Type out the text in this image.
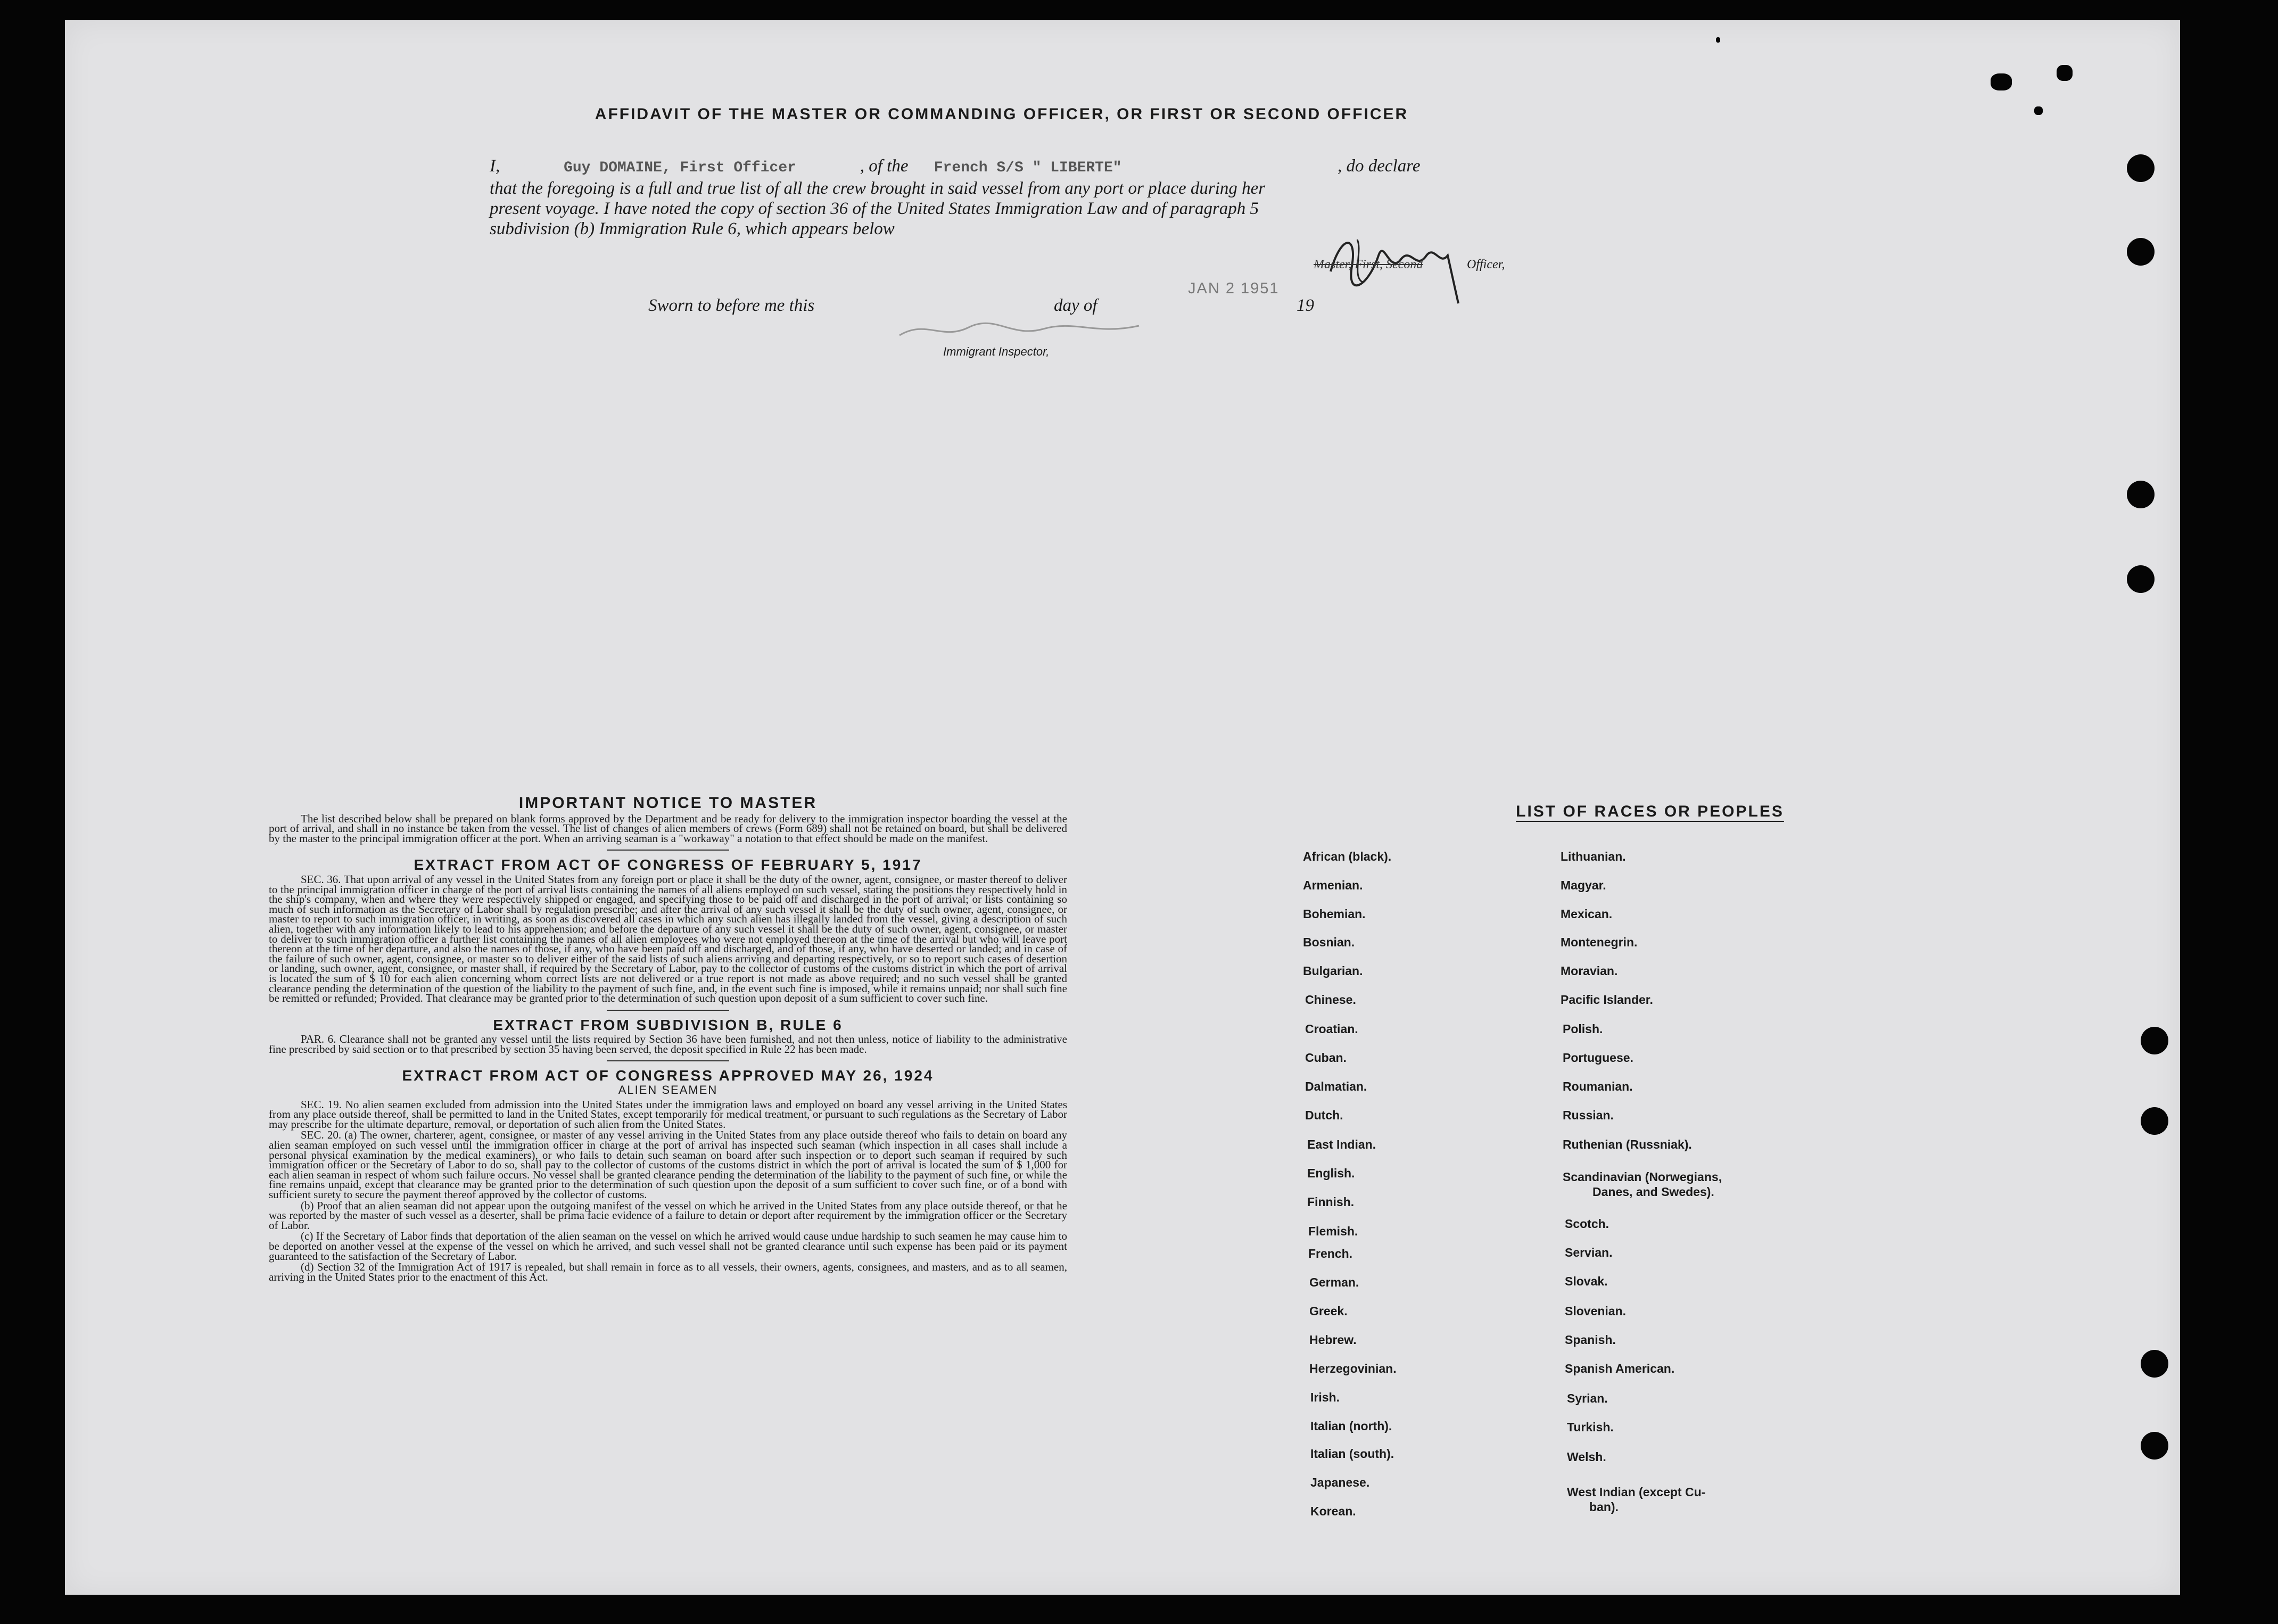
AFFIDAVIT OF THE MASTER OR COMMANDING OFFICER, OR FIRST OR SECOND OFFICER
I,	Guy DOMAINE, First Officer	, of the French S/S " LIBERTE"	, do declare
that the foregoing is a full and true list of all the crew brought in said vessel from any port or place during her
present voyage. I have noted the copy of section 36 of the United States Immigration Law and of paragraph 5
subdivision (b) Immigration Rule 6, which appears below
Master, First, Second	Officer,
Sworn to before me this	day of
JAN 2 1951
19
Immigrant Inspector,
IMPORTANT NOTICE TO MASTER

The list described below shall be prepared on blank forms approved by the Department and be ready for delivery to the immigration inspector boarding the vessel at the port of arrival, and shall in no instance be taken from the vessel. The list of changes of alien members of crews (Form 689) shall not be retained on board, but shall be delivered by the master to the principal immigration officer at the port. When an arriving seaman is a "workaway" a notation to that effect should be made on the manifest.

EXTRACT FROM ACT OF CONGRESS OF FEBRUARY 5, 1917

SEC. 36. That upon arrival of any vessel in the United States from any foreign port or place it shall be the duty of the owner, agent, consignee, or master thereof to deliver to the principal immigration officer in charge of the port of arrival lists containing the names of all aliens employed on such vessel, stating the positions they respectively hold in the ship's company, when and where they were respectively shipped or engaged, and specifying those to be paid off and discharged in the port of arrival; or lists containing so much of such information as the Secretary of Labor shall by regulation prescribe; and after the arrival of any such vessel it shall be the duty of such owner, agent, consignee, or master to report to such immigration officer, in writing, as soon as discovered all cases in which any such alien has illegally landed from the vessel, giving a description of such alien, together with any information likely to lead to his apprehension; and before the departure of any such vessel it shall be the duty of such owner, agent, consignee, or master to deliver to such immigration officer a further list containing the names of all alien employees who were not employed thereon at the time of the arrival but who will leave port thereon at the time of her departure, and also the names of those, if any, who have been paid off and discharged, and of those, if any, who have deserted or landed; and in case of the failure of such owner, agent, consignee, or master so to deliver either of the said lists of such aliens arriving and departing respectively, or so to report such cases of desertion or landing, such owner, agent, consignee, or master shall, if required by the Secretary of Labor, pay to the collector of customs of the customs district in which the port of arrival is located the sum of $ 10 for each alien concerning whom correct lists are not delivered or a true report is not made as above required; and no such vessel shall be granted clearance pending the determination of the question of the liability to the payment of such fine, and, in the event such fine is imposed, while it remains unpaid; nor shall such fine be remitted or refunded; Provided. That clearance may be granted prior to the determination of such question upon deposit of a sum sufficient to cover such fine.

EXTRACT FROM SUBDIVISION B, RULE 6

PAR. 6. Clearance shall not be granted any vessel until the lists required by Section 36 have been furnished, and not then unless, notice of liability to the administrative fine prescribed by said section or to that prescribed by section 35 having been served, the deposit specified in Rule 22 has been made.

EXTRACT FROM ACT OF CONGRESS APPROVED MAY 26, 1924
ALIEN SEAMEN

SEC. 19. No alien seamen excluded from admission into the United States under the immigration laws and employed on board any vessel arriving in the United States from any place outside thereof, shall be permitted to land in the United States, except temporarily for medical treatment, or pursuant to such regulations as the Secretary of Labor may prescribe for the ultimate departure, removal, or deportation of such alien from the United States.

SEC. 20. (a) The owner, charterer, agent, consignee, or master of any vessel arriving in the United States from any place outside thereof who fails to detain on board any alien seaman employed on such vessel until the immigration officer in charge at the port of arrival has inspected such seaman (which inspection in all cases shall include a personal physical examination by the medical examiners), or who fails to detain such seaman on board after such inspection or to deport such seaman if required by such immigration officer or the Secretary of Labor to do so, shall pay to the collector of customs of the customs district in which the port of arrival is located the sum of $ 1,000 for each alien seaman in respect of whom such failure occurs. No vessel shall be granted clearance pending the determination of the liability to the payment of such fine, or while the fine remains unpaid, except that clearance may be granted prior to the determination of such question upon the deposit of a sum sufficient to cover such fine, or of a bond with sufficient surety to secure the payment thereof approved by the collector of customs.

(b) Proof that an alien seaman did not appear upon the outgoing manifest of the vessel on which he arrived in the United States from any place outside thereof, or that he was reported by the master of such vessel as a deserter, shall be prima facie evidence of a failure to detain or deport after requirement by the immigration officer or the Secretary of Labor.

(c) If the Secretary of Labor finds that deportation of the alien seaman on the vessel on which he arrived would cause undue hardship to such seamen he may cause him to be deported on another vessel at the expense of the vessel on which he arrived, and such vessel shall not be granted clearance until such expense has been paid or its payment guaranteed to the satisfaction of the Secretary of Labor.

(d) Section 32 of the Immigration Act of 1917 is repealed, but shall remain in force as to all vessels, their owners, agents, consignees, and masters, and as to all seamen, arriving in the United States prior to the enactment of this Act.

LIST OF RACES OR PEOPLES
African (black).
Armenian.
Bohemian.
Bosnian.
Bulgarian.
Chinese.
Croatian.
Cuban.
Dalmatian.
Dutch.
East Indian.
English.
Finnish.
Flemish.
French.
German.
Greek.
Hebrew.
Herzegovinian.
Irish.
Italian (north).
Italian (south).
Japanese.
Korean.
Lithuanian.
Magyar.
Mexican.
Montenegrin.
Moravian.
Pacific Islander.
Polish.
Portuguese.
Roumanian.
Russian.
Ruthenian (Russniak).
Scandinavian (Norwegians,
Danes, and Swedes).
Scotch.
Servian.
Slovak.
Slovenian.
Spanish.
Spanish American.
Syrian.
Turkish.
Welsh.
West Indian (except Cu-
ban).
